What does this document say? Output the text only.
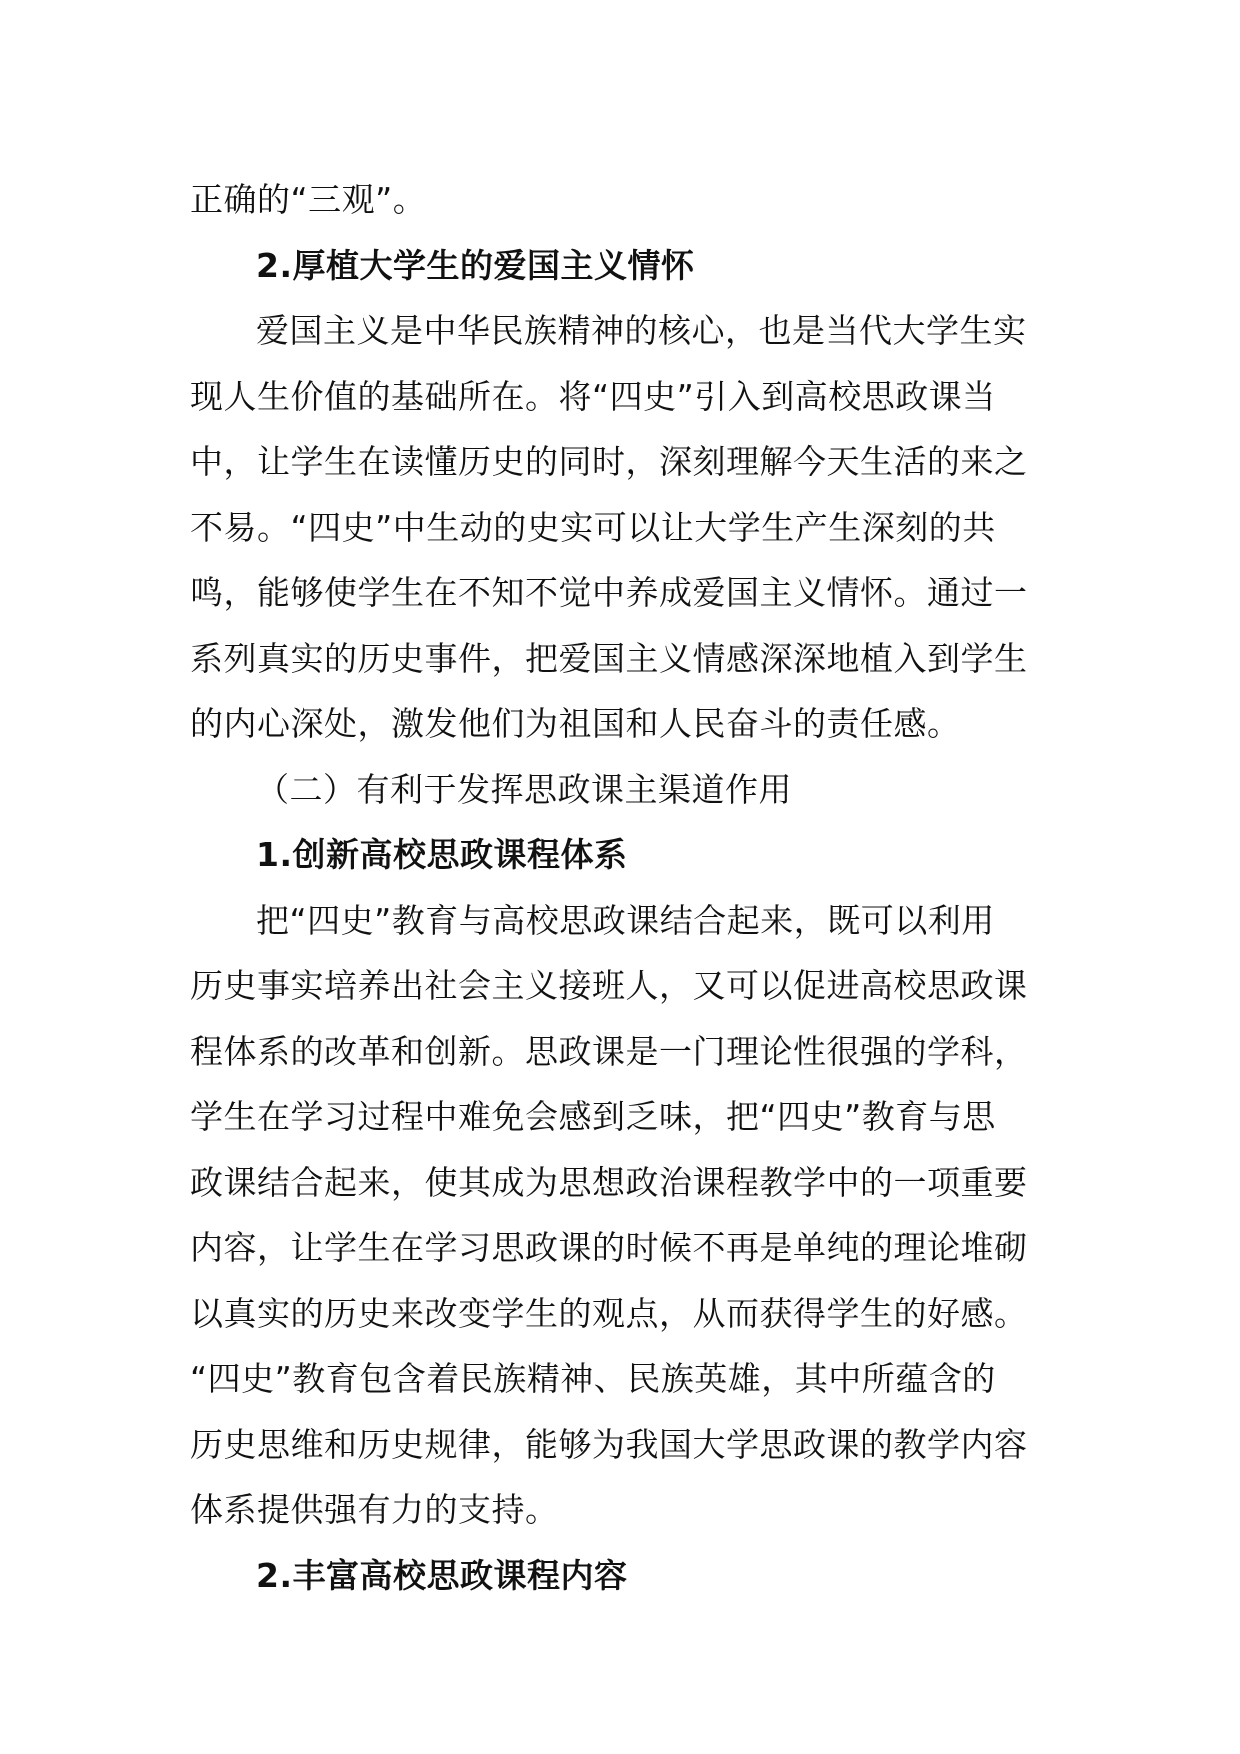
正确的“三观”。
2.厚植大学生的爱国主义情怀
爱国主义是中华民族精神的核心，也是当代大学生实
现人生价值的基础所在。将“四史”引入到高校思政课当
中，让学生在读懂历史的同时，深刻理解今天生活的来之
不易。“四史”中生动的史实可以让大学生产生深刻的共
鸣，能够使学生在不知不觉中养成爱国主义情怀。通过一
系列真实的历史事件，把爱国主义情感深深地植入到学生
的内心深处，激发他们为祖国和人民奋斗的责任感。
（二）有利于发挥思政课主渠道作用
1.创新高校思政课程体系
把“四史”教育与高校思政课结合起来，既可以利用
历史事实培养出社会主义接班人，又可以促进高校思政课
程体系的改革和创新。思政课是一门理论性很强的学科，
学生在学习过程中难免会感到乏味，把“四史”教育与思
政课结合起来，使其成为思想政治课程教学中的一项重要
内容，让学生在学习思政课的时候不再是单纯的理论堆砌
以真实的历史来改变学生的观点，从而获得学生的好感。
“四史”教育包含着民族精神、民族英雄，其中所蕴含的
历史思维和历史规律，能够为我国大学思政课的教学内容
体系提供强有力的支持。
2.丰富高校思政课程内容
